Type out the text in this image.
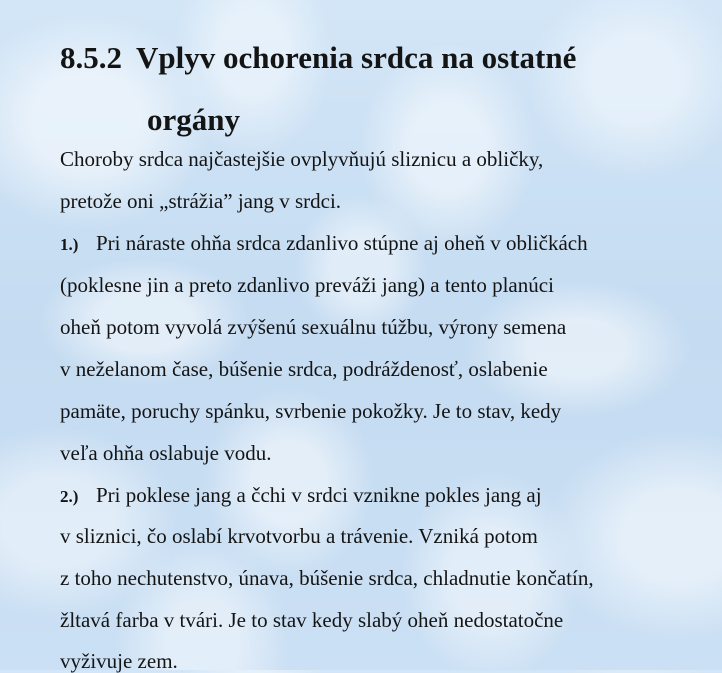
8.5.2 Vplyv ochorenia srdca na ostatné
orgány
Choroby srdca najčastejšie ovplyvňujú sliznicu a obličky,
pretože oni „strážia” jang v srdci.
1.) Pri náraste ohňa srdca zdanlivo stúpne aj oheň v obličkách
(poklesne jin a preto zdanlivo preváži jang) a tento planúci
oheň potom vyvolá zvýšenú sexuálnu túžbu, výrony semena
v neželanom čase, búšenie srdca, podráždenosť, oslabenie
pamäte, poruchy spánku, svrbenie pokožky. Je to stav, kedy
veľa ohňa oslabuje vodu.
2.) Pri poklese jang a čchi v srdci vznikne pokles jang aj
v sliznici, čo oslabí krvotvorbu a trávenie. Vzniká potom
z toho nechutenstvo, únava, búšenie srdca, chladnutie končatín,
žltavá farba v tvári. Je to stav kedy slabý oheň nedostatočne
vyživuje zem.
